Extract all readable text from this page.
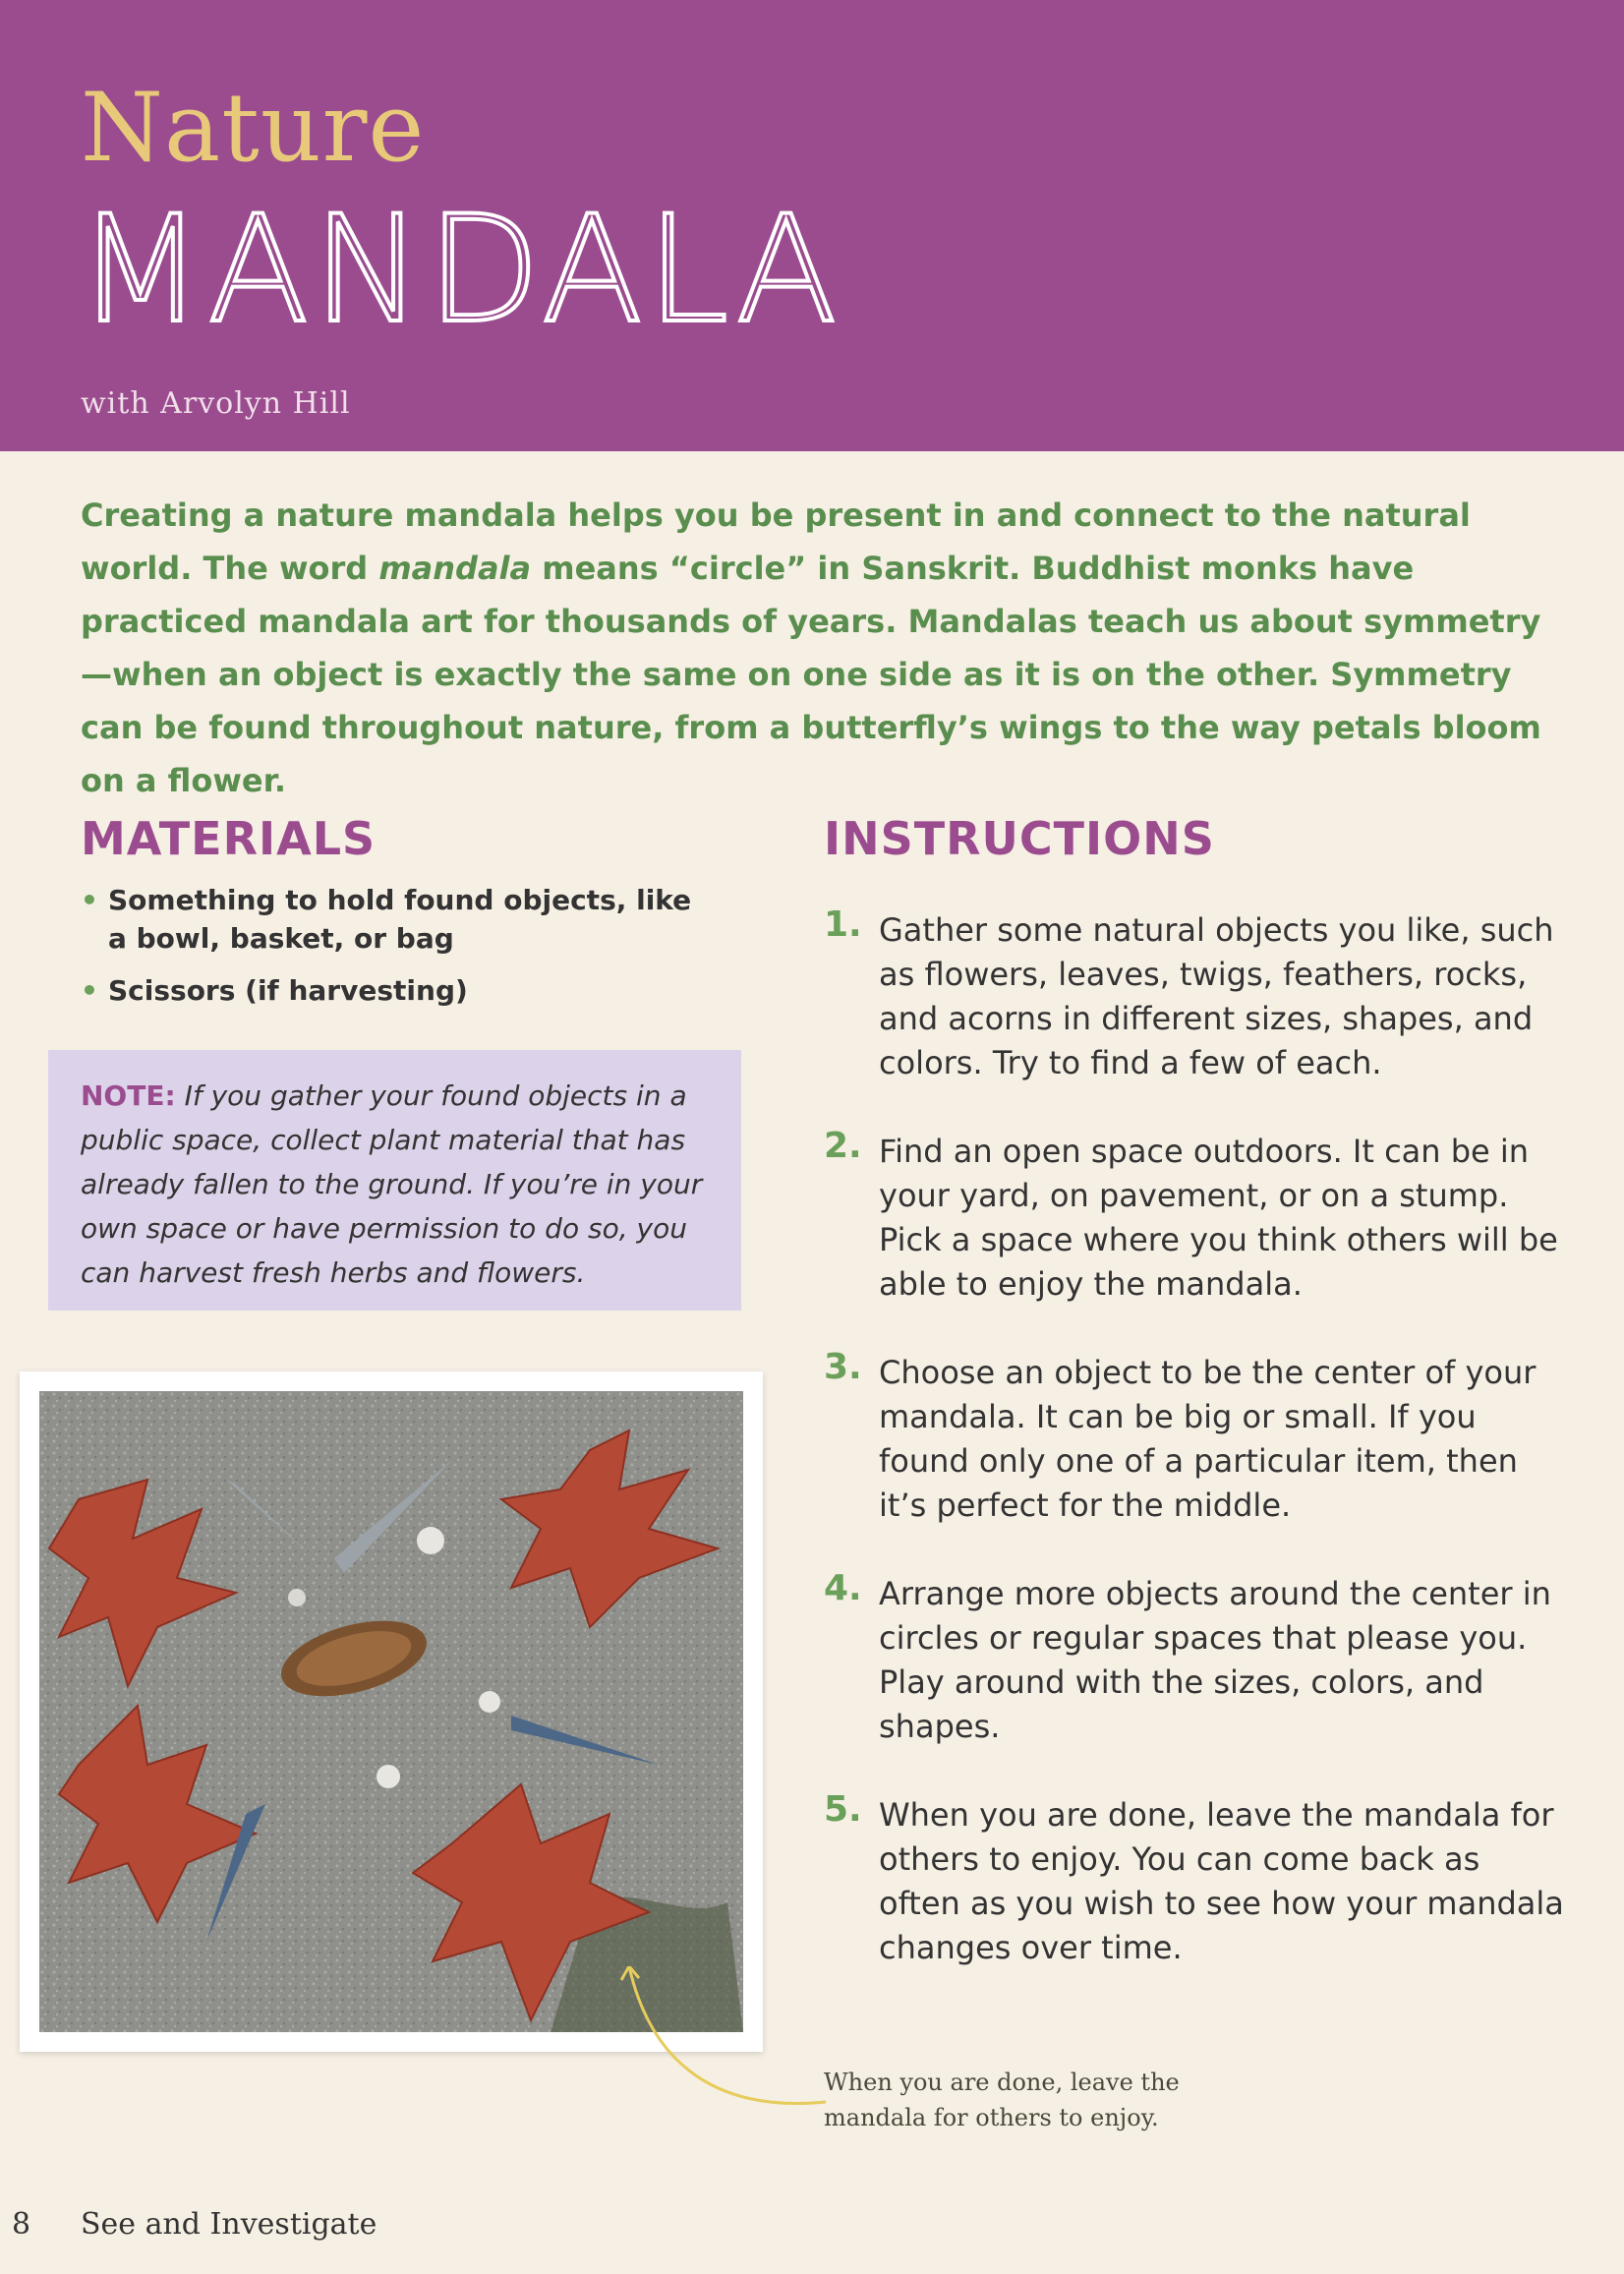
Nature
MANDALA
with Arvolyn Hill

Creating a nature mandala helps you be present in and connect to the natural world. The word mandala means “circle” in Sanskrit. Buddhist monks have practiced mandala art for thousands of years. Mandalas teach us about symmetry—when an object is exactly the same on one side as it is on the other. Symmetry can be found throughout nature, from a butterfly’s wings to the way petals bloom on a flower.

MATERIALS
• Something to hold found objects, like a bowl, basket, or bag
• Scissors (if harvesting)

NOTE: If you gather your found objects in a public space, collect plant material that has already fallen to the ground. If you’re in your own space or have permission to do so, you can harvest fresh herbs and flowers.

INSTRUCTIONS
1. Gather some natural objects you like, such as flowers, leaves, twigs, feathers, rocks, and acorns in different sizes, shapes, and colors. Try to find a few of each.

2. Find an open space outdoors. It can be in your yard, on pavement, or on a stump. Pick a space where you think others will be able to enjoy the mandala.

3. Choose an object to be the center of your mandala. It can be big or small. If you found only one of a particular item, then it’s perfect for the middle.

4. Arrange more objects around the center in circles or regular spaces that please you. Play around with the sizes, colors, and shapes.

5. When you are done, leave the mandala for others to enjoy. You can come back as often as you wish to see how your mandala changes over time.

When you are done, leave the mandala for others to enjoy.

8 See and Investigate
